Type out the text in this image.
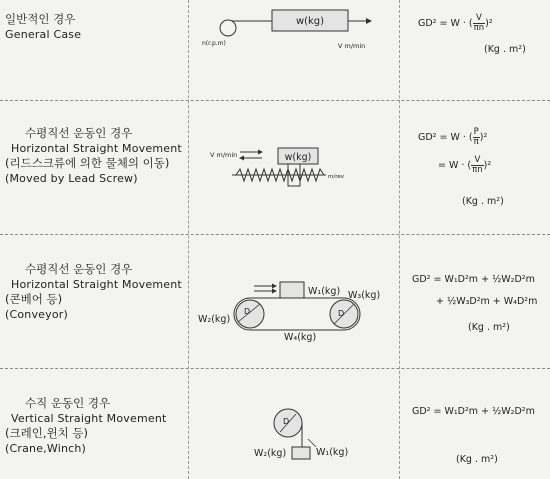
일반적인 경우
General Case
w(kg)
n(r.p.m)	V m/min
GD² = W · ( $\frac{V}{\pi n} )^2$
(Kg . m²)
수평직선 운동인 경우
Horizontal Straight Movement
(리드스크류에 의한 물체의 이동)
(Moved by Lead Screw)
w(kg)
V m/min
m/rev
GD² = W · ( $\frac{P}{\pi} )^2$
= W · ( $\frac{V}{\pi n} )^2$
(Kg . m²)
수평직선 운동인 경우
Horizontal Straight Movement
(콘베어 등)
(Conveyor)
W₁(kg)
D	D
W₂(kg)
W₃(kg)
W₄(kg)
GD² = W₁D²m + ½W₂D²m
+ ½W₃D²m + W₄D²m
(Kg . m²)
수직 운동인 경우
Vertical Straight Movement
(크레인,윈치 등)
(Crane,Winch)
D
W₁(kg)
W₂(kg)
GD² = W₁D²m + ½W₂D²m
(Kg . m²)
